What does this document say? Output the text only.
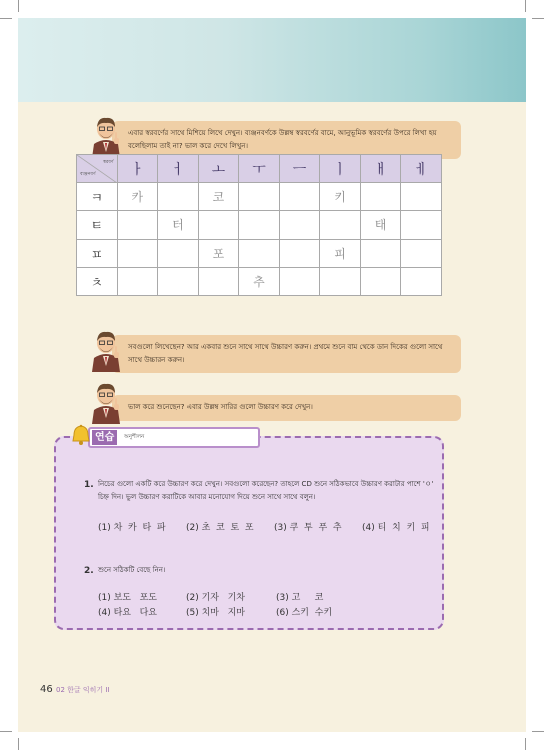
এবার স্বরবর্ণের সাথে মিশিয়ে লিখে দেখুন। ব্যঞ্জনবর্ণকে উল্লম্ব স্বরবর্ণের বামে, আনুভূমিক স্বরবর্ণের উপরে লিখা হয় বলেছিলাম তাই না? ভাল করে দেখে লিখুন।
স্বরবর্ণ
ব্যঞ্জনবর্ণ	ㅏ	ㅓ	ㅗ	ㅜ	ㅡ	ㅣ	ㅐ	ㅔ
ㅋ	카		코			키		
ㅌ		터					태	
ㅍ			포			피		
ㅊ				추				
সবগুলো লিখেছেন? আর একবার শুনে সাথে সাথে উচ্চারণ করুন। প্রথমে শুনে বাম থেকে ডান দিকের গুলো সাথে সাথে উচ্চারন করুন।
ভাল করে শুনেছেন? এবার উল্লম্ব সারির গুলো উচ্চারণ করে দেখুন।
연습	অনুশীলন
1. নিচের গুলো একটি করে উচ্চারণ করে দেখুন। সবগুলো করেছেন? তাহলে CD শুনে সঠিকভাবে উচ্চারণ করাটার পাশে 'ㅇ' চিহ্ন দিন। ভুল উচ্চারণ করাটিকে আবার মনোযোগ দিয়ে শুনে সাথে সাথে বলুন।
(1) 차  카  타  파 (2) 초  코  토  포 (3) 쿠  투  푸  추 (4) 티  치  키  피
2. শুনে সঠিকটি বেছে নিন।
(1) 보도   포도	(2) 기자   기차	(3) 고     코
(4) 타요   다요	(5) 치마   지마	(6) 스키  수키
46 02 한글 익히기 II
